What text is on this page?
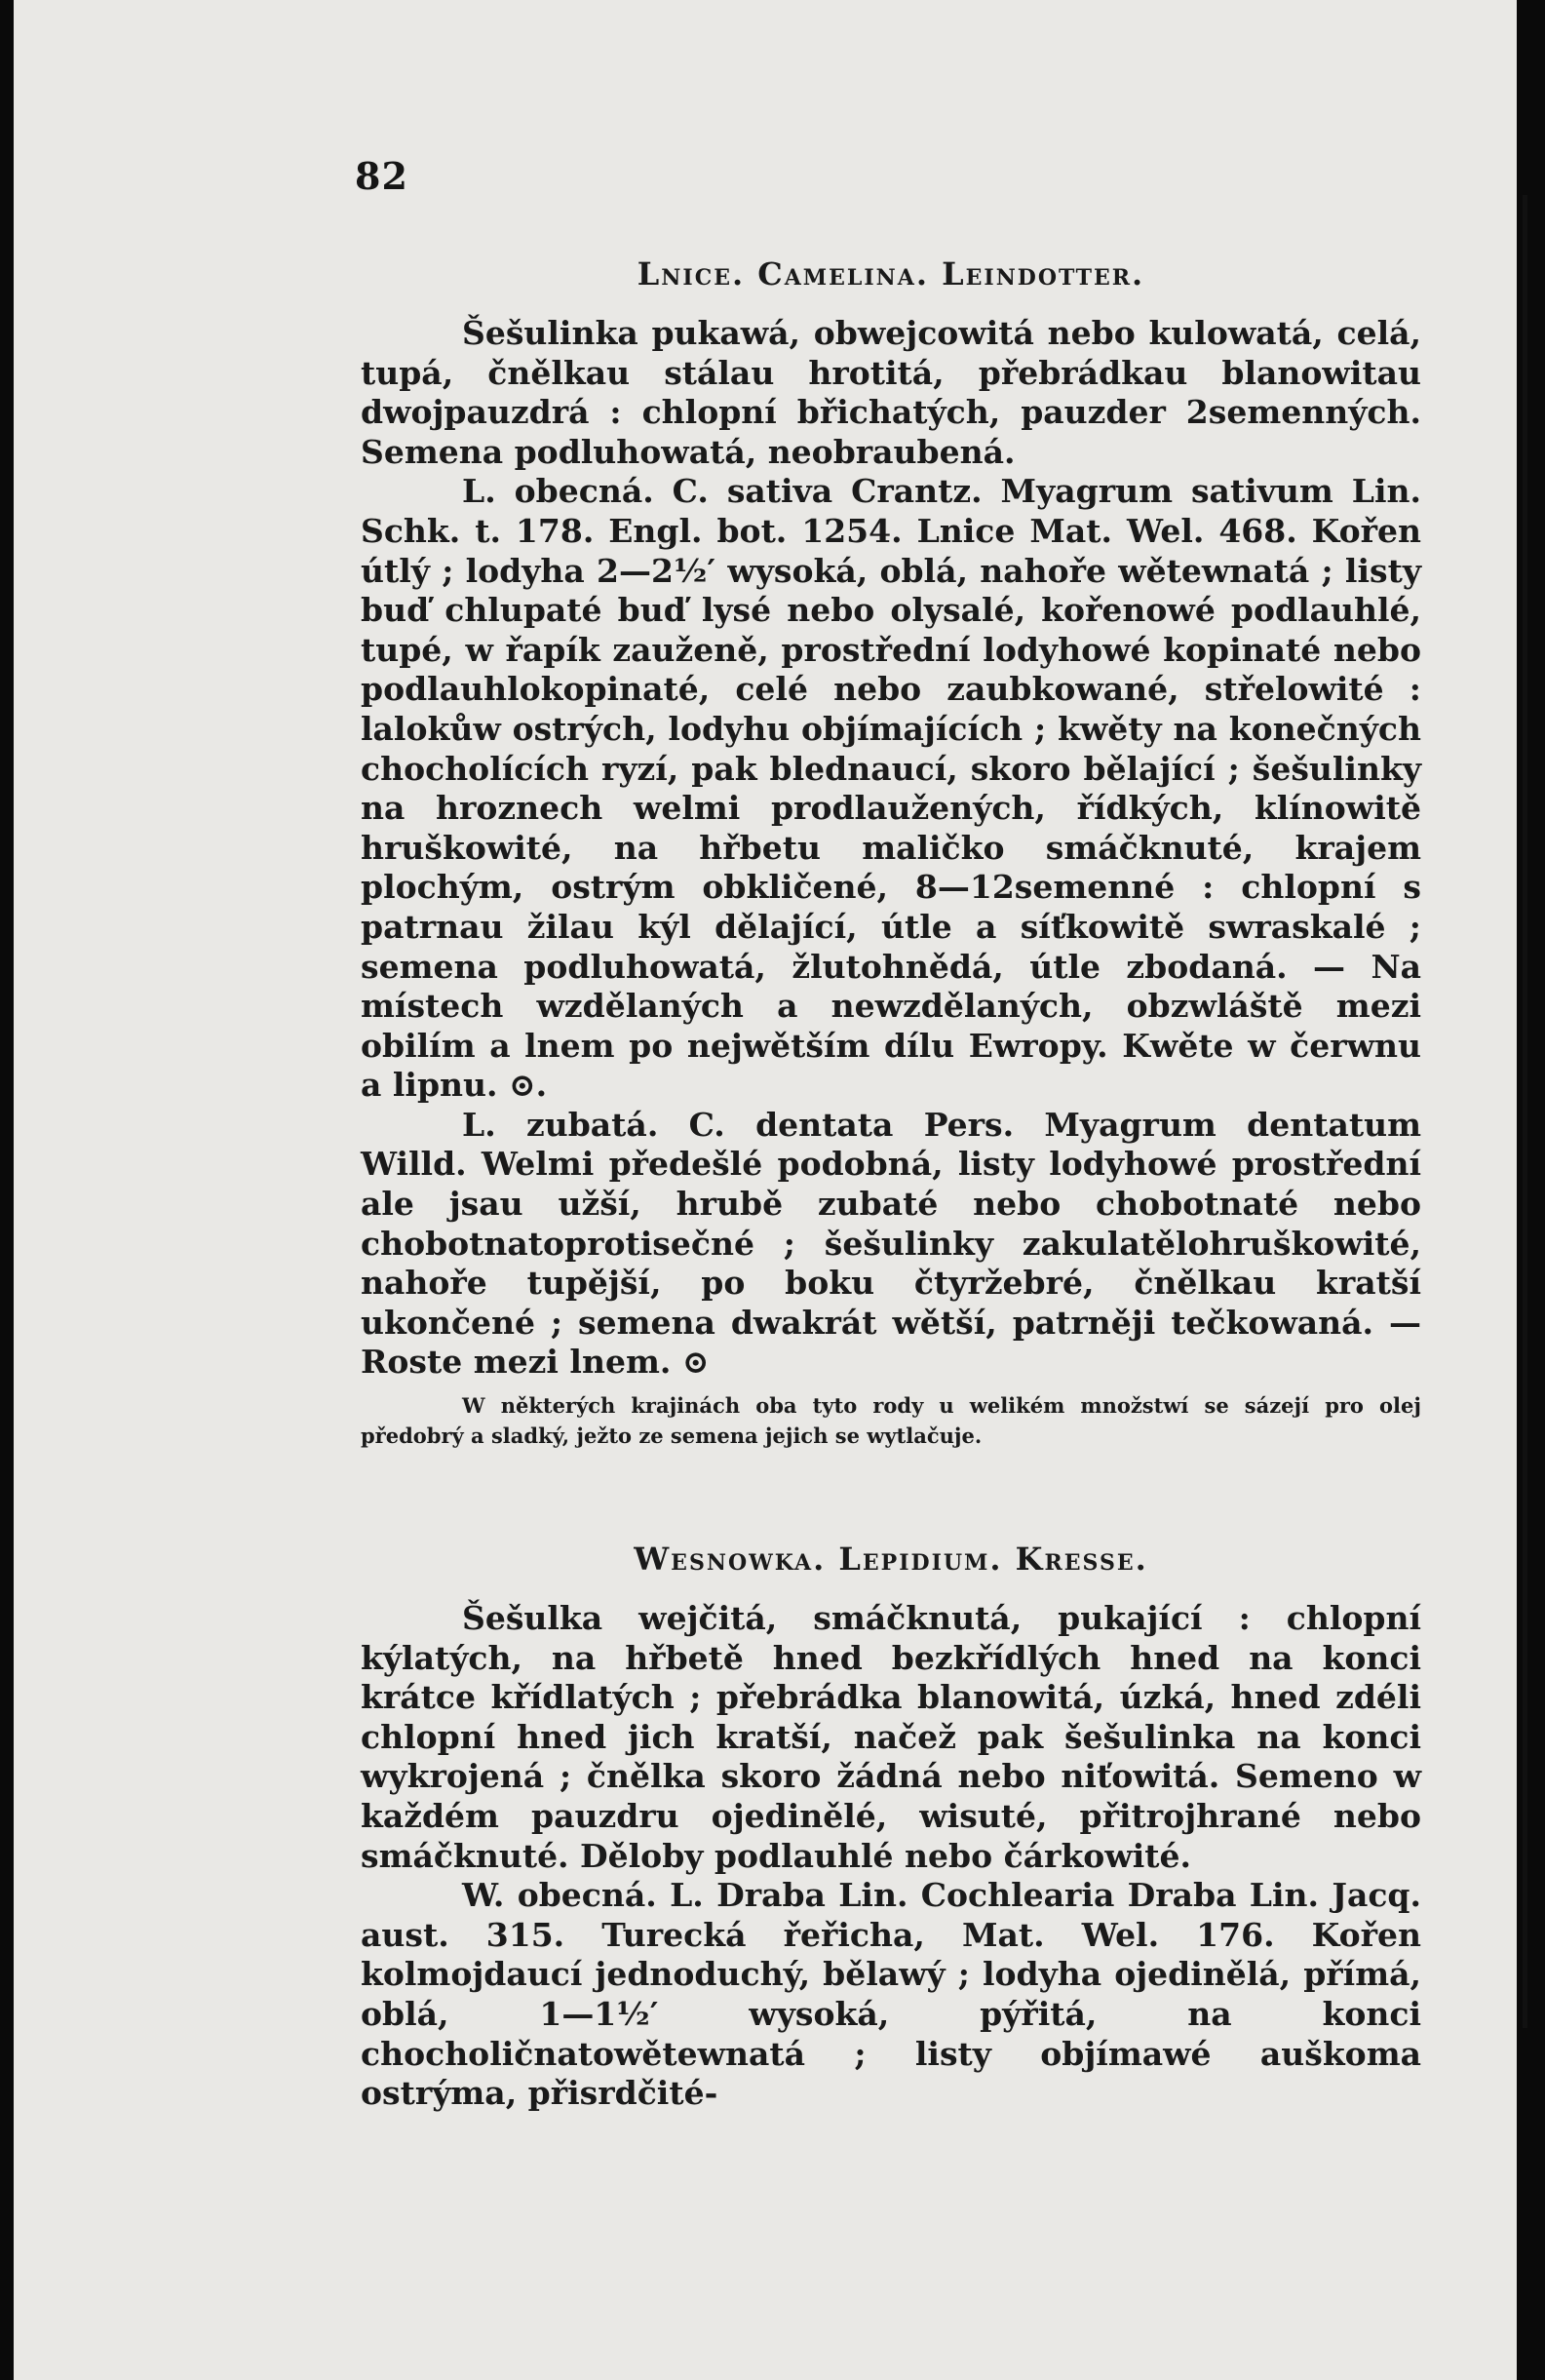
82

Lnice. Camelina. Leindotter.

Šešulinka pukawá, obwejcowitá nebo kulowatá, celá, tupá, čnělkau stálau hrotitá, přebrádkau blanowitau dwojpauzdrá : chlopní břichatých, pauzder 2semenných. Semena podluhowatá, neobraubená.

L. obecná. C. sativa Crantz. Myagrum sativum Lin. Schk. t. 178. Engl. bot. 1254. Lnice Mat. Wel. 468. Kořen útlý ; lodyha 2—2½′ wysoká, oblá, nahoře wětewnatá ; listy buď chlupaté buď lysé nebo olysalé, kořenowé podlauhlé, tupé, w řapík zauženě, prostřední lodyhowé kopinaté nebo podlauhlokopinaté, celé nebo zaubkowané, střelowité : lalokůw ostrých, lodyhu objímajících ; kwěty na konečných chocholících ryzí, pak blednaucí, skoro bělající ; šešulinky na hroznech welmi prodlaužených, řídkých, klínowitě hruškowité, na hřbetu maličko smáčknuté, krajem plochým, ostrým obkličené, 8—12semenné : chlopní s patrnau žilau kýl dělající, útle a síťkowitě swraskalé ; semena podluhowatá, žlutohnědá, útle zbodaná. — Na místech wzdělaných a newzdělaných, obzwláště mezi obilím a lnem po nejwětším dílu Ewropy. Kwěte w čerwnu a lipnu. ⊙.

L. zubatá. C. dentata Pers. Myagrum dentatum Willd. Welmi předešlé podobná, listy lodyhowé prostřední ale jsau užší, hrubě zubaté nebo chobotnaté nebo chobotnatoprotisečné ; šešulinky zakulatělohruškowité, nahoře tupější, po boku čtyržebré, čnělkau kratší ukončené ; semena dwakrát wětší, patrněji tečkowaná. — Roste mezi lnem. ⊙

W některých krajinách oba tyto rody u welikém množstwí se sázejí pro olej předobrý a sladký, ježto ze semena jejich se wytlačuje.

Wesnowka. Lepidium. Kresse.

Šešulka wejčitá, smáčknutá, pukající : chlopní kýlatých, na hřbetě hned bezkřídlých hned na konci krátce křídlatých ; přebrádka blanowitá, úzká, hned zdéli chlopní hned jich kratší, načež pak šešulinka na konci wykrojená ; čnělka skoro žádná nebo niťowitá. Semeno w každém pauzdru ojedinělé, wisuté, přitrojhrané nebo smáčknuté. Děloby podlauhlé nebo čárkowité.

W. obecná. L. Draba Lin. Cochlearia Draba Lin. Jacq. aust. 315. Turecká řeřicha, Mat. Wel. 176. Kořen kolmojdaucí jednoduchý, bělawý ; lodyha ojedinělá, přímá, oblá, 1—1½′ wysoká, pýřitá, na konci chocholičnatowětewnatá ; listy objímawé auškoma ostrýma, přisrdčité-
